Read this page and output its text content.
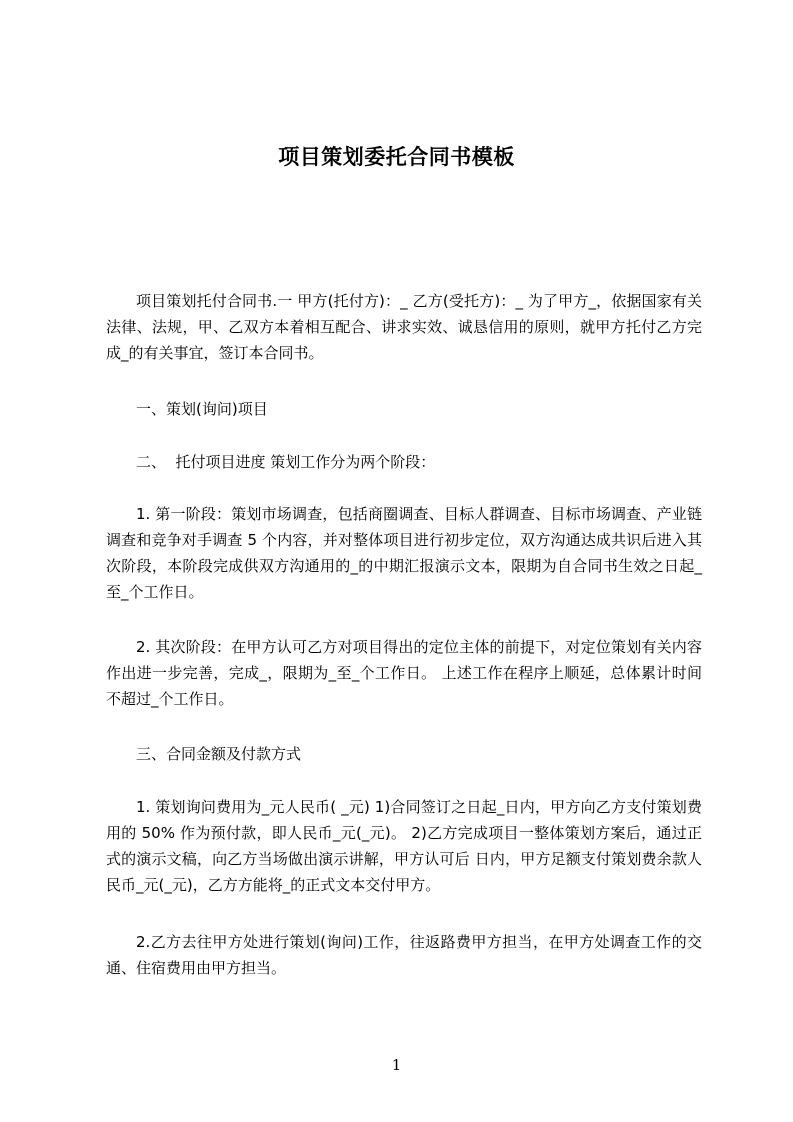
项目策划委托合同书模板

项目策划托付合同书.一 甲方(托付方)：_ 乙方(受托方)：_ 为了甲方_，依据国家有关法律、法规，甲、乙双方本着相互配合、讲求实效、诚恳信用的原则，就甲方托付乙方完成_的有关事宜，签订本合同书。

一、策划(询问)项目

二、  托付项目进度 策划工作分为两个阶段：

1. 第一阶段：策划市场调查，包括商圈调查、目标人群调查、目标市场调查、产业链调查和竞争对手调查 5 个内容，并对整体项目进行初步定位，双方沟通达成共识后进入其次阶段，本阶段完成供双方沟通用的_的中期汇报演示文本，限期为自合同书生效之日起_ 至_个工作日。

2. 其次阶段：在甲方认可乙方对项目得出的定位主体的前提下，对定位策划有关内容作出进一步完善，完成_，限期为_至_个工作日。 上述工作在程序上顺延，总体累计时间不超过_个工作日。

三、合同金额及付款方式

1. 策划询问费用为_元人民币( _元) 1)合同签订之日起_日内，甲方向乙方支付策划费用的 50% 作为预付款，即人民币_元(_元)。 2)乙方完成项目一整体策划方案后，通过正式的演示文稿，向乙方当场做出演示讲解，甲方认可后 日内，甲方足额支付策划费余款人民币_元(_元)，乙方方能将_的正式文本交付甲方。

2.乙方去往甲方处进行策划(询问)工作，往返路费甲方担当，在甲方处调查工作的交通、住宿费用由甲方担当。

1
